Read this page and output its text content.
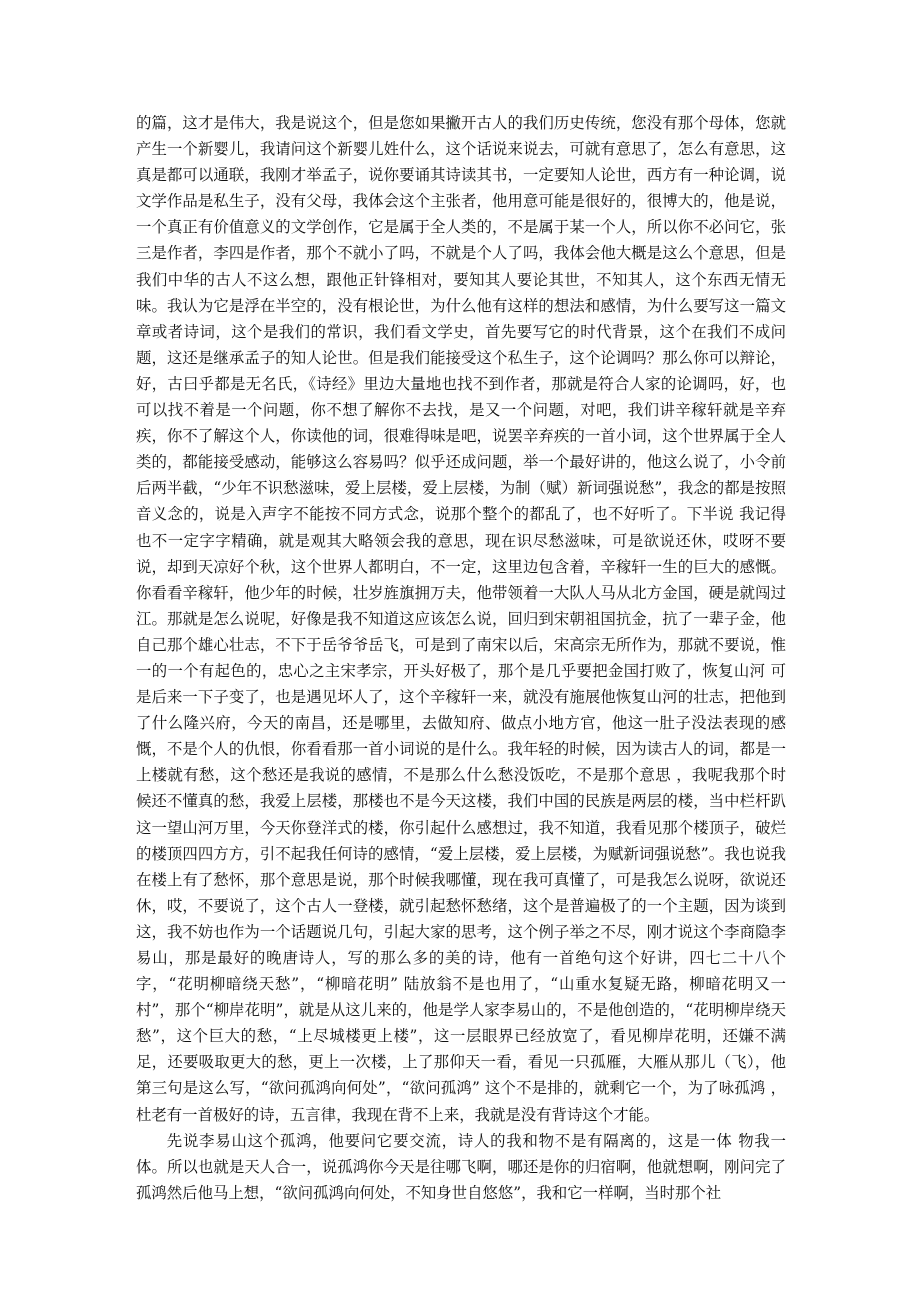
的篇，这才是伟大，我是说这个，但是您如果撇开古人的我们历史传统，您没有那个母体，您就产生一个新婴儿，我请问这个新婴儿姓什么，这个话说来说去，可就有意思了，怎么有意思，这真是都可以通联，我刚才举孟子，说你要诵其诗读其书，一定要知人论世，西方有一种论调，说文学作品是私生子，没有父母，我体会这个主张者，他用意可能是很好的，很博大的，他是说，一个真正有价值意义的文学创作，它是属于全人类的，不是属于某一个人，所以你不必问它，张三是作者，李四是作者，那个不就小了吗，不就是个人了吗，我体会他大概是这么个意思，但是我们中华的古人不这么想，跟他正针锋相对，要知其人要论其世，不知其人，这个东西无情无味。我认为它是浮在半空的，没有根论世，为什么他有这样的想法和感情，为什么要写这一篇文章或者诗词，这个是我们的常识，我们看文学史，首先要写它的时代背景，这个在我们不成问题，这还是继承孟子的知人论世。但是我们能接受这个私生子，这个论调吗？那么你可以辩论，好，古曰乎都是无名氏，《诗经》里边大量地也找不到作者，那就是符合人家的论调吗，好，也可以找不着是一个问题，你不想了解你不去找，是又一个问题，对吧，我们讲辛稼轩就是辛弃疾，你不了解这个人，你读他的词，很难得味是吧，说罢辛弃疾的一首小词，这个世界属于全人类的，都能接受感动，能够这么容易吗？似乎还成问题，举一个最好讲的，他这么说了，小令前后两半截，“少年不识愁滋味，爱上层楼，爱上层楼，为制（赋）新词强说愁”，我念的都是按照音义念的，说是入声字不能按不同方式念，说那个整个的都乱了，也不好听了。下半说 我记得也不一定字字精确，就是观其大略领会我的意思，现在识尽愁滋味，可是欲说还休，哎呀不要说，却到天凉好个秋，这个世界人都明白，不一定，这里边包含着，辛稼轩一生的巨大的感慨。你看看辛稼轩，他少年的时候，壮岁旌旗拥万夫，他带领着一大队人马从北方金国，硬是就闯过江。那就是怎么说呢，好像是我不知道这应该怎么说，回归到宋朝祖国抗金，抗了一辈子金，他自己那个雄心壮志，不下于岳爷爷岳飞，可是到了南宋以后，宋高宗无所作为，那就不要说，惟一的一个有起色的，忠心之主宋孝宗，开头好极了，那个是几乎要把金国打败了，恢复山河 可是后来一下子变了，也是遇见坏人了，这个辛稼轩一来，就没有施展他恢复山河的壮志，把他到了什么隆兴府，今天的南昌，还是哪里，去做知府、做点小地方官，他这一肚子没法表现的感慨，不是个人的仇恨，你看看那一首小词说的是什么。我年轻的时候，因为读古人的词，都是一上楼就有愁，这个愁还是我说的感情，不是那么什么愁没饭吃，不是那个意思 ，我呢我那个时候还不懂真的愁，我爱上层楼，那楼也不是今天这楼，我们中国的民族是两层的楼，当中栏杆趴这一望山河万里，今天你登洋式的楼，你引起什么感想过，我不知道，我看见那个楼顶子，破烂的楼顶四四方方，引不起我任何诗的感情，“爱上层楼，爱上层楼，为赋新词强说愁”。我也说我在楼上有了愁怀，那个意思是说，那个时候我哪懂，现在我可真懂了，可是我怎么说呀，欲说还休，哎，不要说了，这个古人一登楼，就引起愁怀愁绪，这个是普遍极了的一个主题，因为谈到这，我不妨也作为一个话题说几句，引起大家的思考，这个例子举之不尽，刚才说这个李商隐李易山，那是最好的晚唐诗人，写的那么多的美的诗，他有一首绝句这个好讲，四七二十八个字，“花明柳暗绕天愁”，“柳暗花明” 陆放翁不是也用了，“山重水复疑无路，柳暗花明又一村”，那个“柳岸花明”，就是从这儿来的，他是学人家李易山的，不是他创造的，“花明柳岸绕天愁”，这个巨大的愁，“上尽城楼更上楼”，这一层眼界已经放宽了，看见柳岸花明，还嫌不满足，还要吸取更大的愁，更上一次楼，上了那仰天一看，看见一只孤雁，大雁从那儿（飞），他第三句是这么写，“欲问孤鸿向何处”，“欲问孤鸿” 这个不是排的，就剩它一个，为了咏孤鸿 ，杜老有一首极好的诗，五言律，我现在背不上来，我就是没有背诗这个才能。

先说李易山这个孤鸿，他要问它要交流，诗人的我和物不是有隔离的，这是一体 物我一体。所以也就是天人合一，说孤鸿你今天是往哪飞啊，哪还是你的归宿啊，他就想啊，刚问完了孤鸿然后他马上想，“欲问孤鸿向何处，不知身世自悠悠”，我和它一样啊，当时那个社
